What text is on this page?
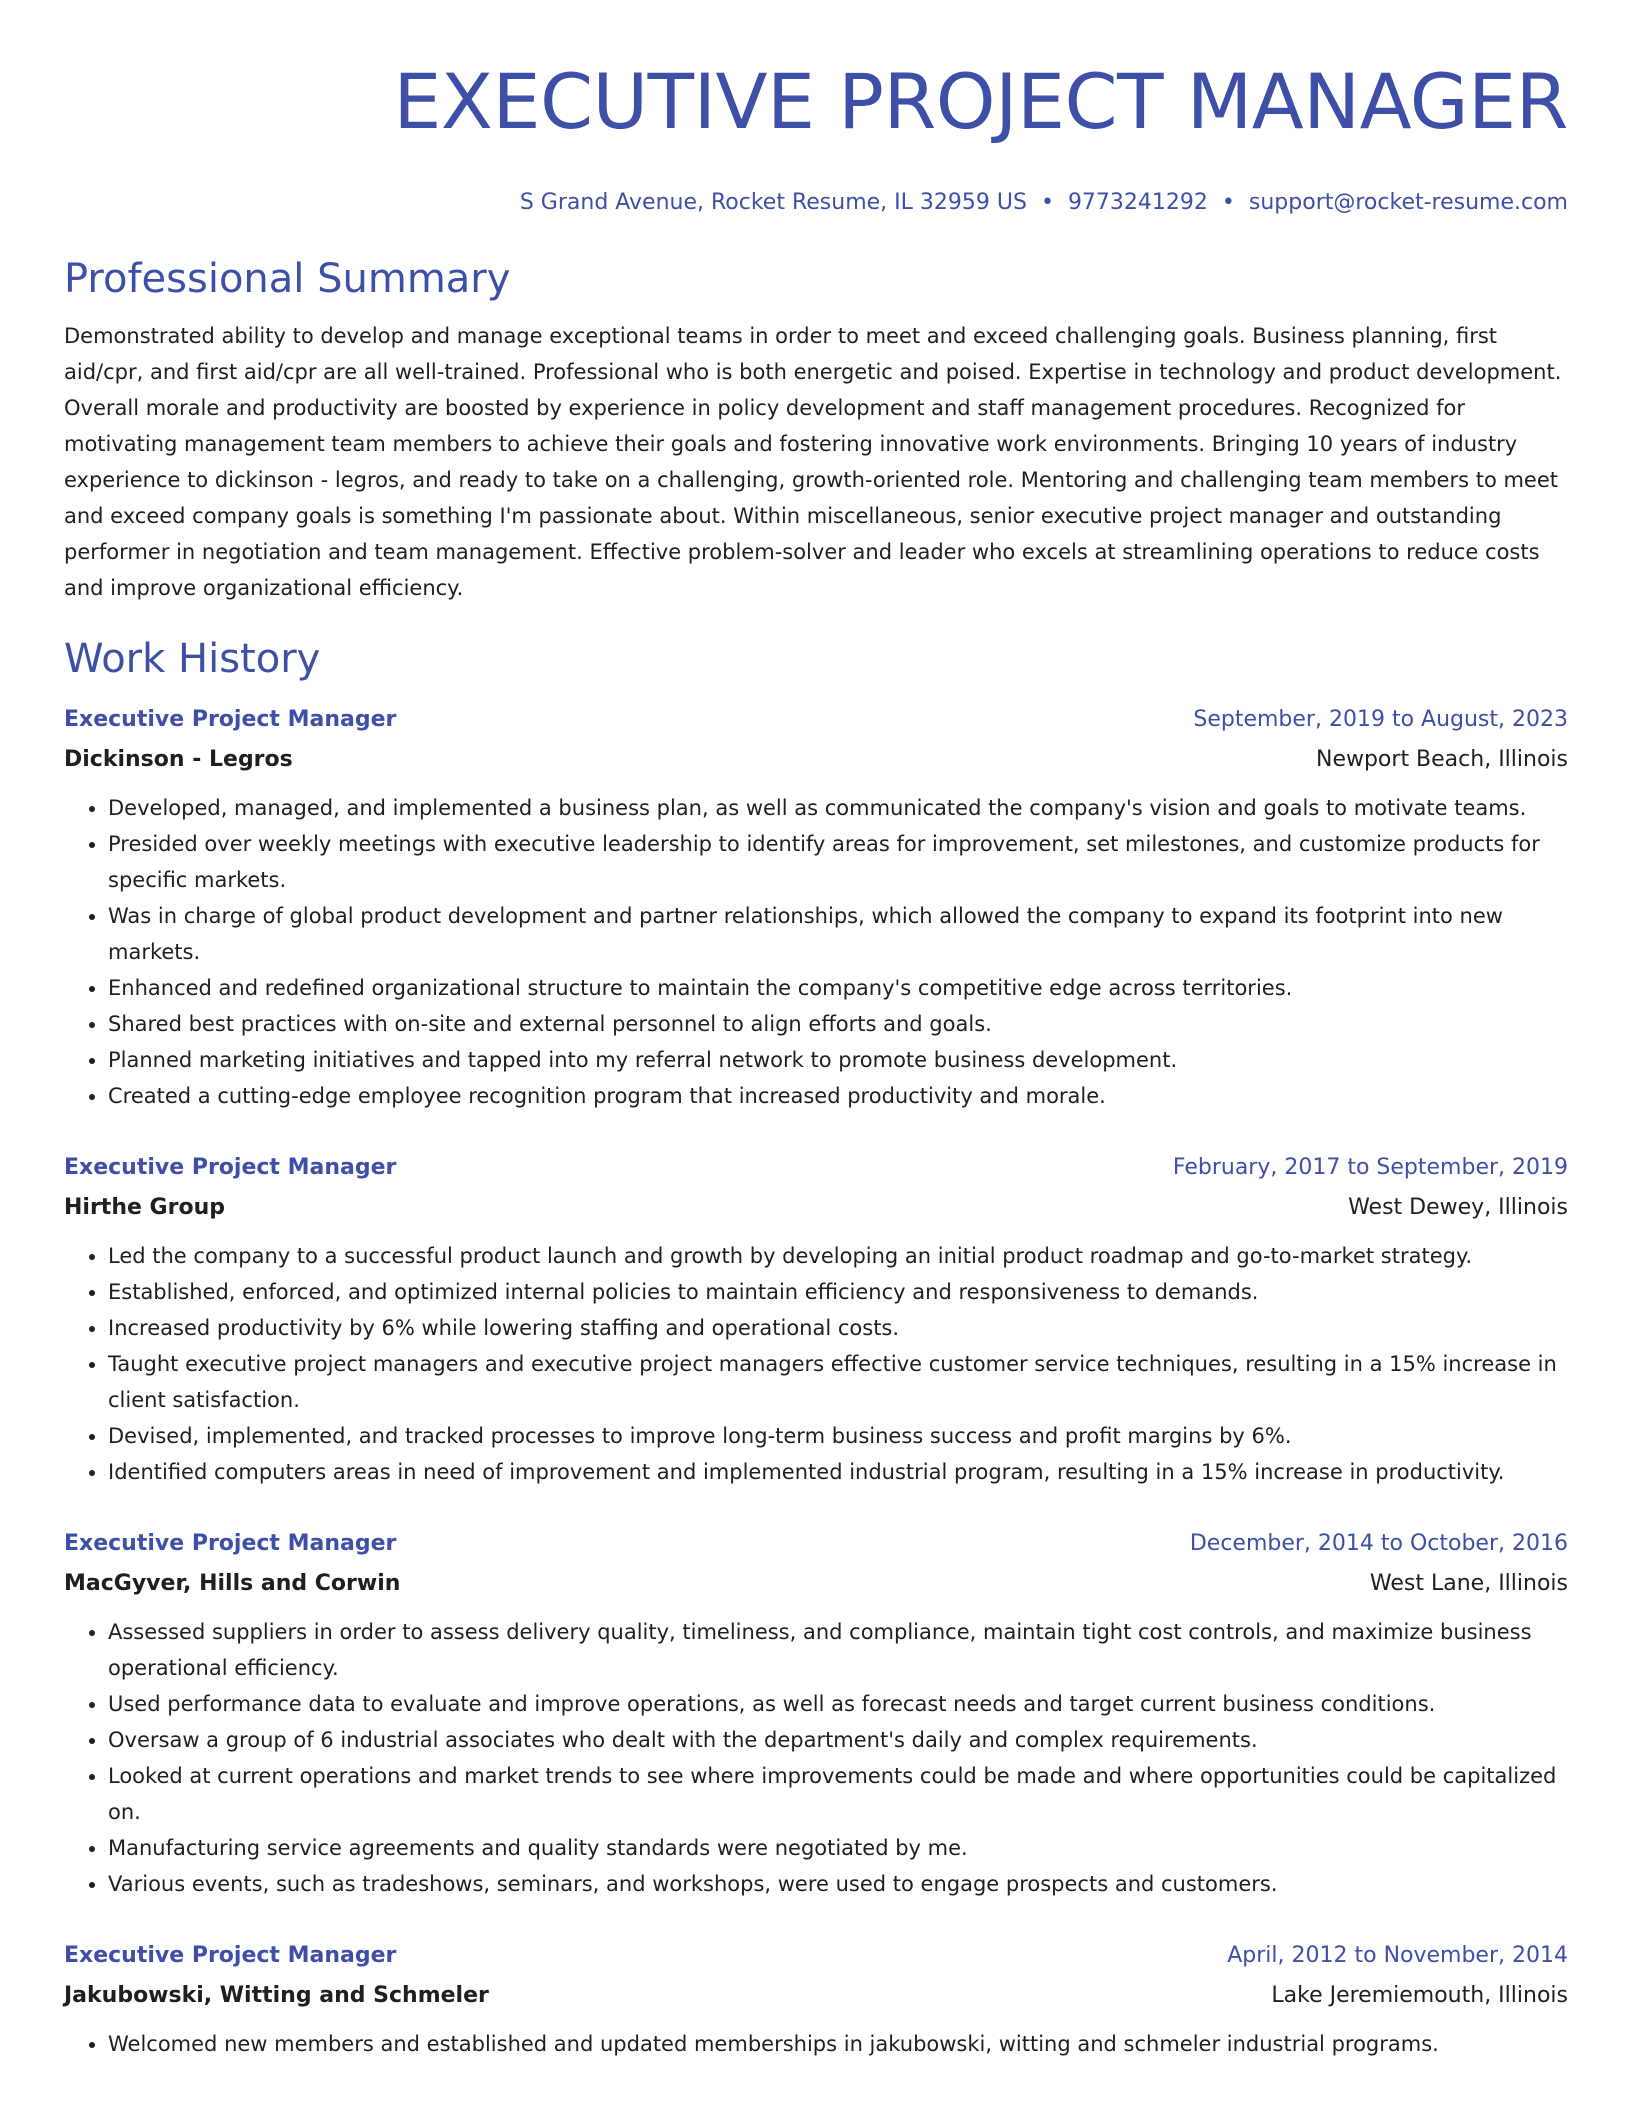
EXECUTIVE PROJECT MANAGER
S Grand Avenue, Rocket Resume, IL 32959 US • 9773241292 • support@rocket-resume.com
Professional Summary

Demonstrated ability to develop and manage exceptional teams in order to meet and exceed challenging goals. Business planning, first aid/cpr, and first aid/cpr are all well-trained. Professional who is both energetic and poised. Expertise in technology and product development. Overall morale and productivity are boosted by experience in policy development and staff management procedures. Recognized for motivating management team members to achieve their goals and fostering innovative work environments. Bringing 10 years of industry experience to dickinson - legros, and ready to take on a challenging, growth-oriented role. Mentoring and challenging team members to meet and exceed company goals is something I'm passionate about. Within miscellaneous, senior executive project manager and outstanding performer in negotiation and team management. Effective problem-solver and leader who excels at streamlining operations to reduce costs and improve organizational efficiency.

Work History
Executive Project Manager	September, 2019 to August, 2023
Dickinson - Legros	Newport Beach, Illinois
• Developed, managed, and implemented a business plan, as well as communicated the company's vision and goals to motivate teams.
• Presided over weekly meetings with executive leadership to identify areas for improvement, set milestones, and customize products for specific markets.
• Was in charge of global product development and partner relationships, which allowed the company to expand its footprint into new markets.
• Enhanced and redefined organizational structure to maintain the company's competitive edge across territories.
• Shared best practices with on-site and external personnel to align efforts and goals.
• Planned marketing initiatives and tapped into my referral network to promote business development.
• Created a cutting-edge employee recognition program that increased productivity and morale.
Executive Project Manager	February, 2017 to September, 2019
Hirthe Group	West Dewey, Illinois
• Led the company to a successful product launch and growth by developing an initial product roadmap and go-to-market strategy.
• Established, enforced, and optimized internal policies to maintain efficiency and responsiveness to demands.
• Increased productivity by 6% while lowering staffing and operational costs.
• Taught executive project managers and executive project managers effective customer service techniques, resulting in a 15% increase in client satisfaction.
• Devised, implemented, and tracked processes to improve long-term business success and profit margins by 6%.
• Identified computers areas in need of improvement and implemented industrial program, resulting in a 15% increase in productivity.
Executive Project Manager	December, 2014 to October, 2016
MacGyver, Hills and Corwin	West Lane, Illinois
• Assessed suppliers in order to assess delivery quality, timeliness, and compliance, maintain tight cost controls, and maximize business operational efficiency.
• Used performance data to evaluate and improve operations, as well as forecast needs and target current business conditions.
• Oversaw a group of 6 industrial associates who dealt with the department's daily and complex requirements.
• Looked at current operations and market trends to see where improvements could be made and where opportunities could be capitalized on.
• Manufacturing service agreements and quality standards were negotiated by me.
• Various events, such as tradeshows, seminars, and workshops, were used to engage prospects and customers.
Executive Project Manager	April, 2012 to November, 2014
Jakubowski, Witting and Schmeler	Lake Jeremiemouth, Illinois
• Welcomed new members and established and updated memberships in jakubowski, witting and schmeler industrial programs.
